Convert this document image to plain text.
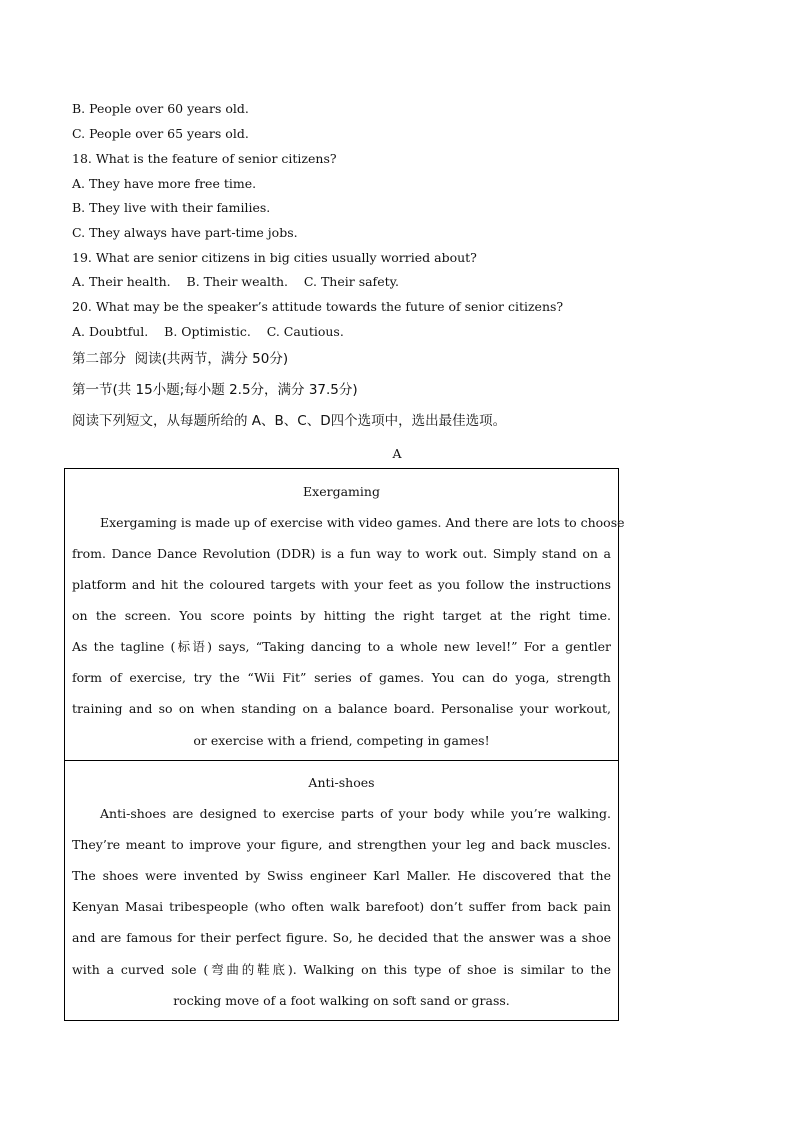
B. People over 60 years old.
C. People over 65 years old.
18. What is the feature of senior citizens?
A. They have more free time.
B. They live with their families.
C. They always have part-time jobs.
19. What are senior citizens in big cities usually worried about?
A. Their health.    B. Their wealth.    C. Their safety.
20. What may be the speaker’s attitude towards the future of senior citizens?
A. Doubtful.    B. Optimistic.    C. Cautious.
第二部分  阅读(共两节，满分 50分)
第一节(共 15小题;每小题 2.5分，满分 37.5分)
阅读下列短文，从每题所给的 A、B、C、D四个选项中，选出最佳选项。
A
Exergaming
Exergaming is made up of exercise with video games. And there are lots to choose
from. Dance Dance Revolution (DDR) is a fun way to work out. Simply stand on a
platform and hit the coloured targets with your feet as you follow the instructions
on the screen. You score points by hitting the right target at the right time.
As the tagline (标语) says, “Taking dancing to a whole new level!” For a gentler
form of exercise, try the “Wii Fit” series of games. You can do yoga, strength
training and so on when standing on a balance board. Personalise your workout,
or exercise with a friend, competing in games!
Anti-shoes
Anti-shoes are designed to exercise parts of your body while you’re walking.
They’re meant to improve your figure, and strengthen your leg and back muscles.
The shoes were invented by Swiss engineer Karl Maller. He discovered that the
Kenyan Masai tribespeople (who often walk barefoot) don’t suffer from back pain
and are famous for their perfect figure. So, he decided that the answer was a shoe
with a curved sole (弯曲的鞋底). Walking on this type of shoe is similar to the
rocking move of a foot walking on soft sand or grass.
